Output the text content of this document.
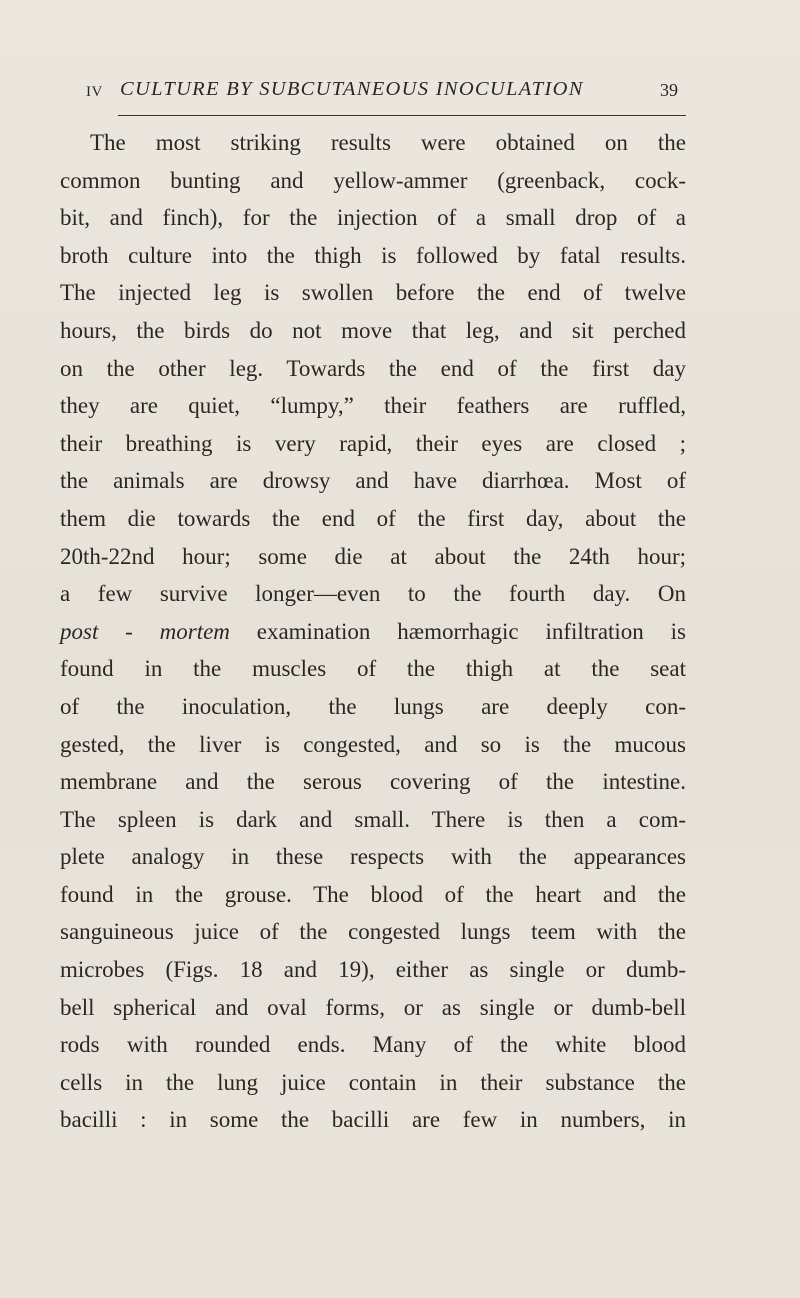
IV CULTURE BY SUBCUTANEOUS INOCULATION	39
The most striking results were obtained on the
common bunting and yellow-ammer (greenback, cock-
bit, and finch), for the injection of a small drop of a
broth culture into the thigh is followed by fatal results.
The injected leg is swollen before the end of twelve
hours, the birds do not move that leg, and sit perched
on the other leg. Towards the end of the first day
they are quiet, “lumpy,” their feathers are ruffled,
their breathing is very rapid, their eyes are closed ;
the animals are drowsy and have diarrhœa. Most of
them die towards the end of the first day, about the
20th-22nd hour; some die at about the 24th hour;
a few survive longer—even to the fourth day. On
post - mortem examination hæmorrhagic infiltration is
found in the muscles of the thigh at the seat
of the inoculation, the lungs are deeply con-
gested, the liver is congested, and so is the mucous
membrane and the serous covering of the intestine.
The spleen is dark and small. There is then a com-
plete analogy in these respects with the appearances
found in the grouse. The blood of the heart and the
sanguineous juice of the congested lungs teem with the
microbes (Figs. 18 and 19), either as single or dumb-
bell spherical and oval forms, or as single or dumb-bell
rods with rounded ends. Many of the white blood
cells in the lung juice contain in their substance the
bacilli : in some the bacilli are few in numbers, in
